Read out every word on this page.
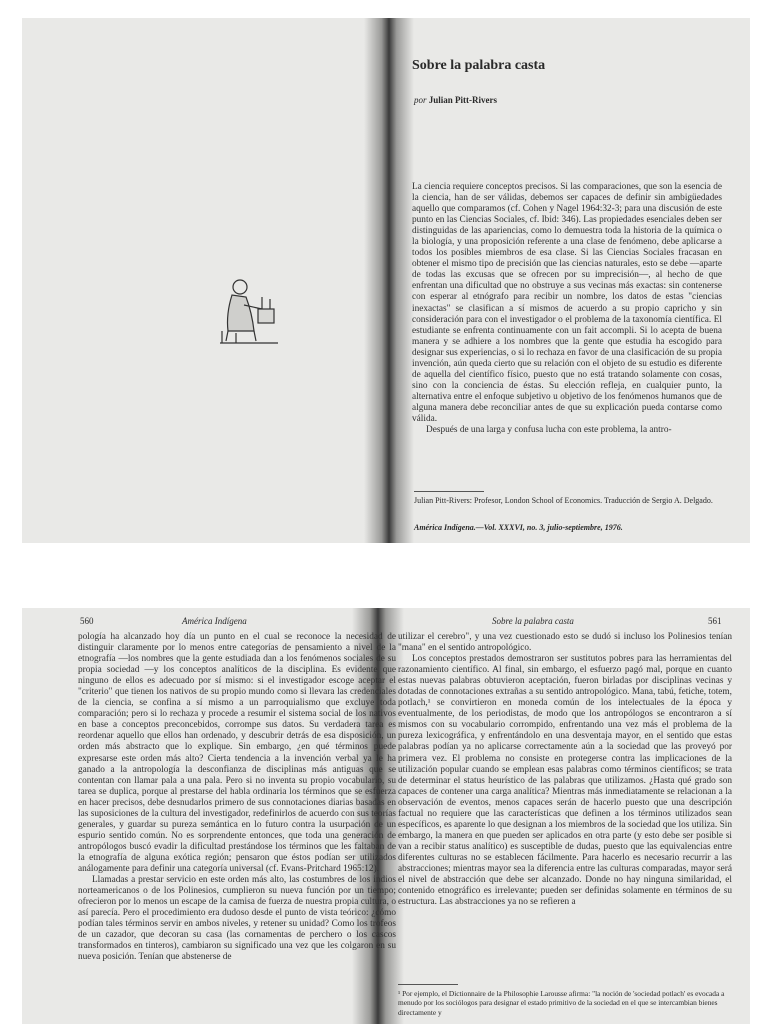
Sobre la palabra casta
por Julian Pitt-Rivers

La ciencia requiere conceptos precisos. Si las comparaciones, que son la esencia de la ciencia, han de ser válidas, debemos ser capaces de definir sin ambigüedades aquello que comparamos (cf. Cohen y Nagel 1964:32-3; para una discusión de este punto en las Ciencias Sociales, cf. Ibid: 346). Las propiedades esenciales deben ser distinguidas de las apariencias, como lo demuestra toda la historia de la química o la biología, y una proposición referente a una clase de fenómeno, debe aplicarse a todos los posibles miembros de esa clase. Si las Ciencias Sociales fracasan en obtener el mismo tipo de precisión que las ciencias naturales, esto se debe —aparte de todas las excusas que se ofrecen por su imprecisión—, al hecho de que enfrentan una dificultad que no obstruye a sus vecinas más exactas: sin contenerse con esperar al etnógrafo para recibir un nombre, los datos de estas "ciencias inexactas" se clasifican a sí mismos de acuerdo a su propio capricho y sin consideración para con el investigador o el problema de la taxonomía científica. El estudiante se enfrenta continuamente con un fait accompli. Si lo acepta de buena manera y se adhiere a los nombres que la gente que estudia ha escogido para designar sus experiencias, o si lo rechaza en favor de una clasificación de su propia invención, aún queda cierto que su relación con el objeto de su estudio es diferente de aquella del científico físico, puesto que no está tratando solamente con cosas, sino con la conciencia de éstas. Su elección refleja, en cualquier punto, la alternativa entre el enfoque subjetivo u objetivo de los fenómenos humanos que de alguna manera debe reconciliar antes de que su explicación pueda contarse como válida.

Después de una larga y confusa lucha con este problema, la antro-

Julian Pitt-Rivers: Profesor, London School of Economics. Traducción de Sergio A. Delgado.
América Indígena.—Vol. XXXVI, no. 3, julio-septiembre, 1976.
560	América Indígena	Sobre la palabra casta	561

pología ha alcanzado hoy día un punto en el cual se reconoce la necesidad de distinguir claramente por lo menos entre categorías de pensamiento a nivel de la etnografía —los nombres que la gente estudiada dan a los fenómenos sociales de su propia sociedad —y los conceptos analíticos de la disciplina. Es evidente que ninguno de ellos es adecuado por sí mismo: si el investigador escoge aceptar el "criterio" que tienen los nativos de su propio mundo como si llevara las credenciales de la ciencia, se confina a sí mismo a un parroquialismo que excluye toda comparación; pero si lo rechaza y procede a resumir el sistema social de los nativos en base a conceptos preconcebidos, corrompe sus datos. Su verdadera tarea es reordenar aquello que ellos han ordenado, y descubrir detrás de esa disposición, un orden más abstracto que lo explique. Sin embargo, ¿en qué términos puede expresarse este orden más alto? Cierta tendencia a la invención verbal ya le ha ganado a la antropología la desconfianza de disciplinas más antiguas que se contentan con llamar pala a una pala. Pero si no inventa su propio vocabulario, su tarea se duplica, porque al prestarse del habla ordinaria los términos que se esfuerza en hacer precisos, debe desnudarlos primero de sus connotaciones diarias basadas en las suposiciones de la cultura del investigador, redefinirlos de acuerdo con sus teorías generales, y guardar su pureza semántica en lo futuro contra la usurpación de un espurio sentido común. No es sorprendente entonces, que toda una generación de antropólogos buscó evadir la dificultad prestándose los términos que les faltaban de la etnografía de alguna exótica región; pensaron que éstos podían ser utilizados análogamente para definir una categoría universal (cf. Evans-Pritchard 1965:12).

Llamadas a prestar servicio en este orden más alto, las costumbres de los indios norteamericanos o de los Polinesios, cumplieron su nueva función por un tiempo; ofrecieron por lo menos un escape de la camisa de fuerza de nuestra propia cultura, o así parecía. Pero el procedimiento era dudoso desde el punto de vista teórico: ¿cómo podían tales términos servir en ambos niveles, y retener su unidad? Como los trofeos de un cazador, que decoran su casa (las cornamentas de perchero o los cascos transformados en tinteros), cambiaron su significado una vez que les colgaron en su nueva posición. Tenían que abstenerse de

utilizar el cerebro", y una vez cuestionado esto se dudó si incluso los Polinesios tenían "mana" en el sentido antropológico.

Los conceptos prestados demostraron ser sustitutos pobres para las herramientas del razonamiento científico. Al final, sin embargo, el esfuerzo pagó mal, porque en cuanto estas nuevas palabras obtuvieron aceptación, fueron birladas por disciplinas vecinas y dotadas de connotaciones extrañas a su sentido antropológico. Mana, tabú, fetiche, totem, potlach,¹ se convirtieron en moneda común de los intelectuales de la época y eventualmente, de los periodistas, de modo que los antropólogos se encontraron a sí mismos con su vocabulario corrompido, enfrentando una vez más el problema de la pureza lexicográfica, y enfrentándolo en una desventaja mayor, en el sentido que estas palabras podían ya no aplicarse correctamente aún a la sociedad que las proveyó por primera vez. El problema no consiste en protegerse contra las implicaciones de la utilización popular cuando se emplean esas palabras como términos científicos; se trata de determinar el status heurístico de las palabras que utilizamos. ¿Hasta qué grado son capaces de contener una carga analítica? Mientras más inmediatamente se relacionan a la observación de eventos, menos capaces serán de hacerlo puesto que una descripción factual no requiere que las características que definen a los términos utilizados sean específicos, es aparente lo que designan a los miembros de la sociedad que los utiliza. Sin embargo, la manera en que pueden ser aplicados en otra parte (y esto debe ser posible si van a recibir status analítico) es susceptible de dudas, puesto que las equivalencias entre diferentes culturas no se establecen fácilmente. Para hacerlo es necesario recurrir a las abstracciones; mientras mayor sea la diferencia entre las culturas comparadas, mayor será el nivel de abstracción que debe ser alcanzado. Donde no hay ninguna similaridad, el contenido etnográfico es irrelevante; pueden ser definidas solamente en términos de su estructura. Las abstracciones ya no se refieren a

¹ Por ejemplo, el Dictionnaire de la Philosophie Larousse afirma: "la noción de 'sociedad potlach' es evocada a menudo por los sociólogos para designar el estado primitivo de la sociedad en el que se intercambian bienes directamente y
